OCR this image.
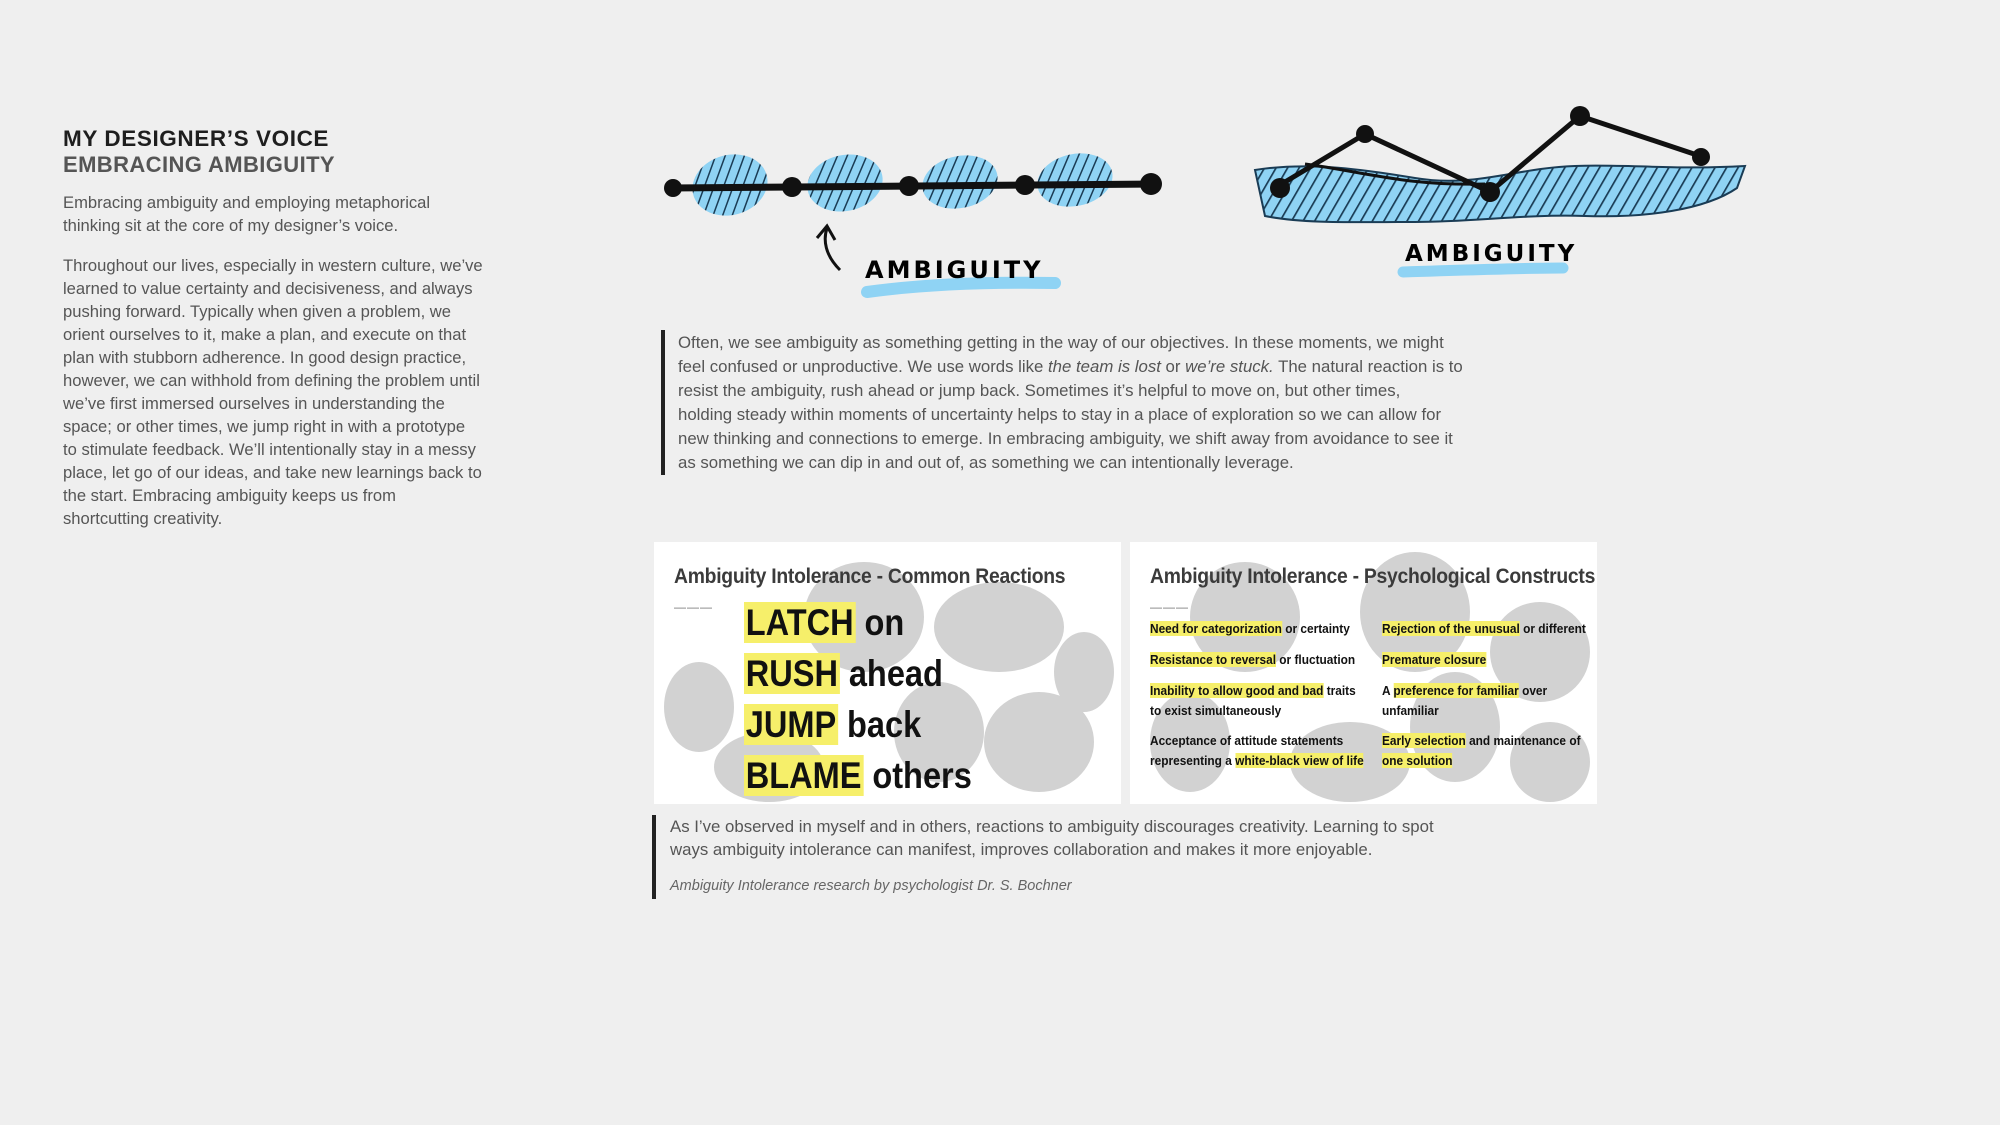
MY DESIGNER’S VOICE
EMBRACING AMBIGUITY

Embracing ambiguity and employing metaphorical thinking sit at the core of my designer’s voice.

Throughout our lives, especially in western culture, we’ve learned to value certainty and decisiveness, and always pushing forward. Typically when given a problem, we orient ourselves to it, make a plan, and execute on that plan with stubborn adherence. In good design practice, however, we can withhold from defining the problem until we’ve first immersed ourselves in understanding the space; or other times, we jump right in with a prototype to stimulate feedback. We’ll intentionally stay in a messy place, let go of our ideas, and take new learnings back to the start. Embracing ambiguity keeps us from shortcutting creativity.

AMBIGUITY
AMBIGUITY

Often, we see ambiguity as something getting in the way of our objectives. In these moments, we might

feel confused or unproductive. We use words like the team is lost or we’re stuck. The natural reaction is to

resist the ambiguity, rush ahead or jump back. Sometimes it’s helpful to move on, but other times,

holding steady within moments of uncertainty helps to stay in a place of exploration so we can allow for

new thinking and connections to emerge. In embracing ambiguity, we shift away from avoidance to see it

as something we can dip in and out of, as something we can intentionally leverage.

Ambiguity Intolerance - Common Reactions
——— LATCH on
RUSH ahead
JUMP back
BLAME others
Ambiguity Intolerance - Psychological Constructs
———
Need for categorization or certainty Rejection of the unusual or different
Resistance to reversal or fluctuation Premature closure
Inability to allow good and bad traits
to exist simultaneously
A preference for familiar over
unfamiliar
Acceptance of attitude statements
representing a white-black view of life
Early selection and maintenance of
one solution

As I’ve observed in myself and in others, reactions to ambiguity discourages creativity. Learning to spot

ways ambiguity intolerance can manifest, improves collaboration and makes it more enjoyable.

Ambiguity Intolerance research by psychologist Dr. S. Bochner
